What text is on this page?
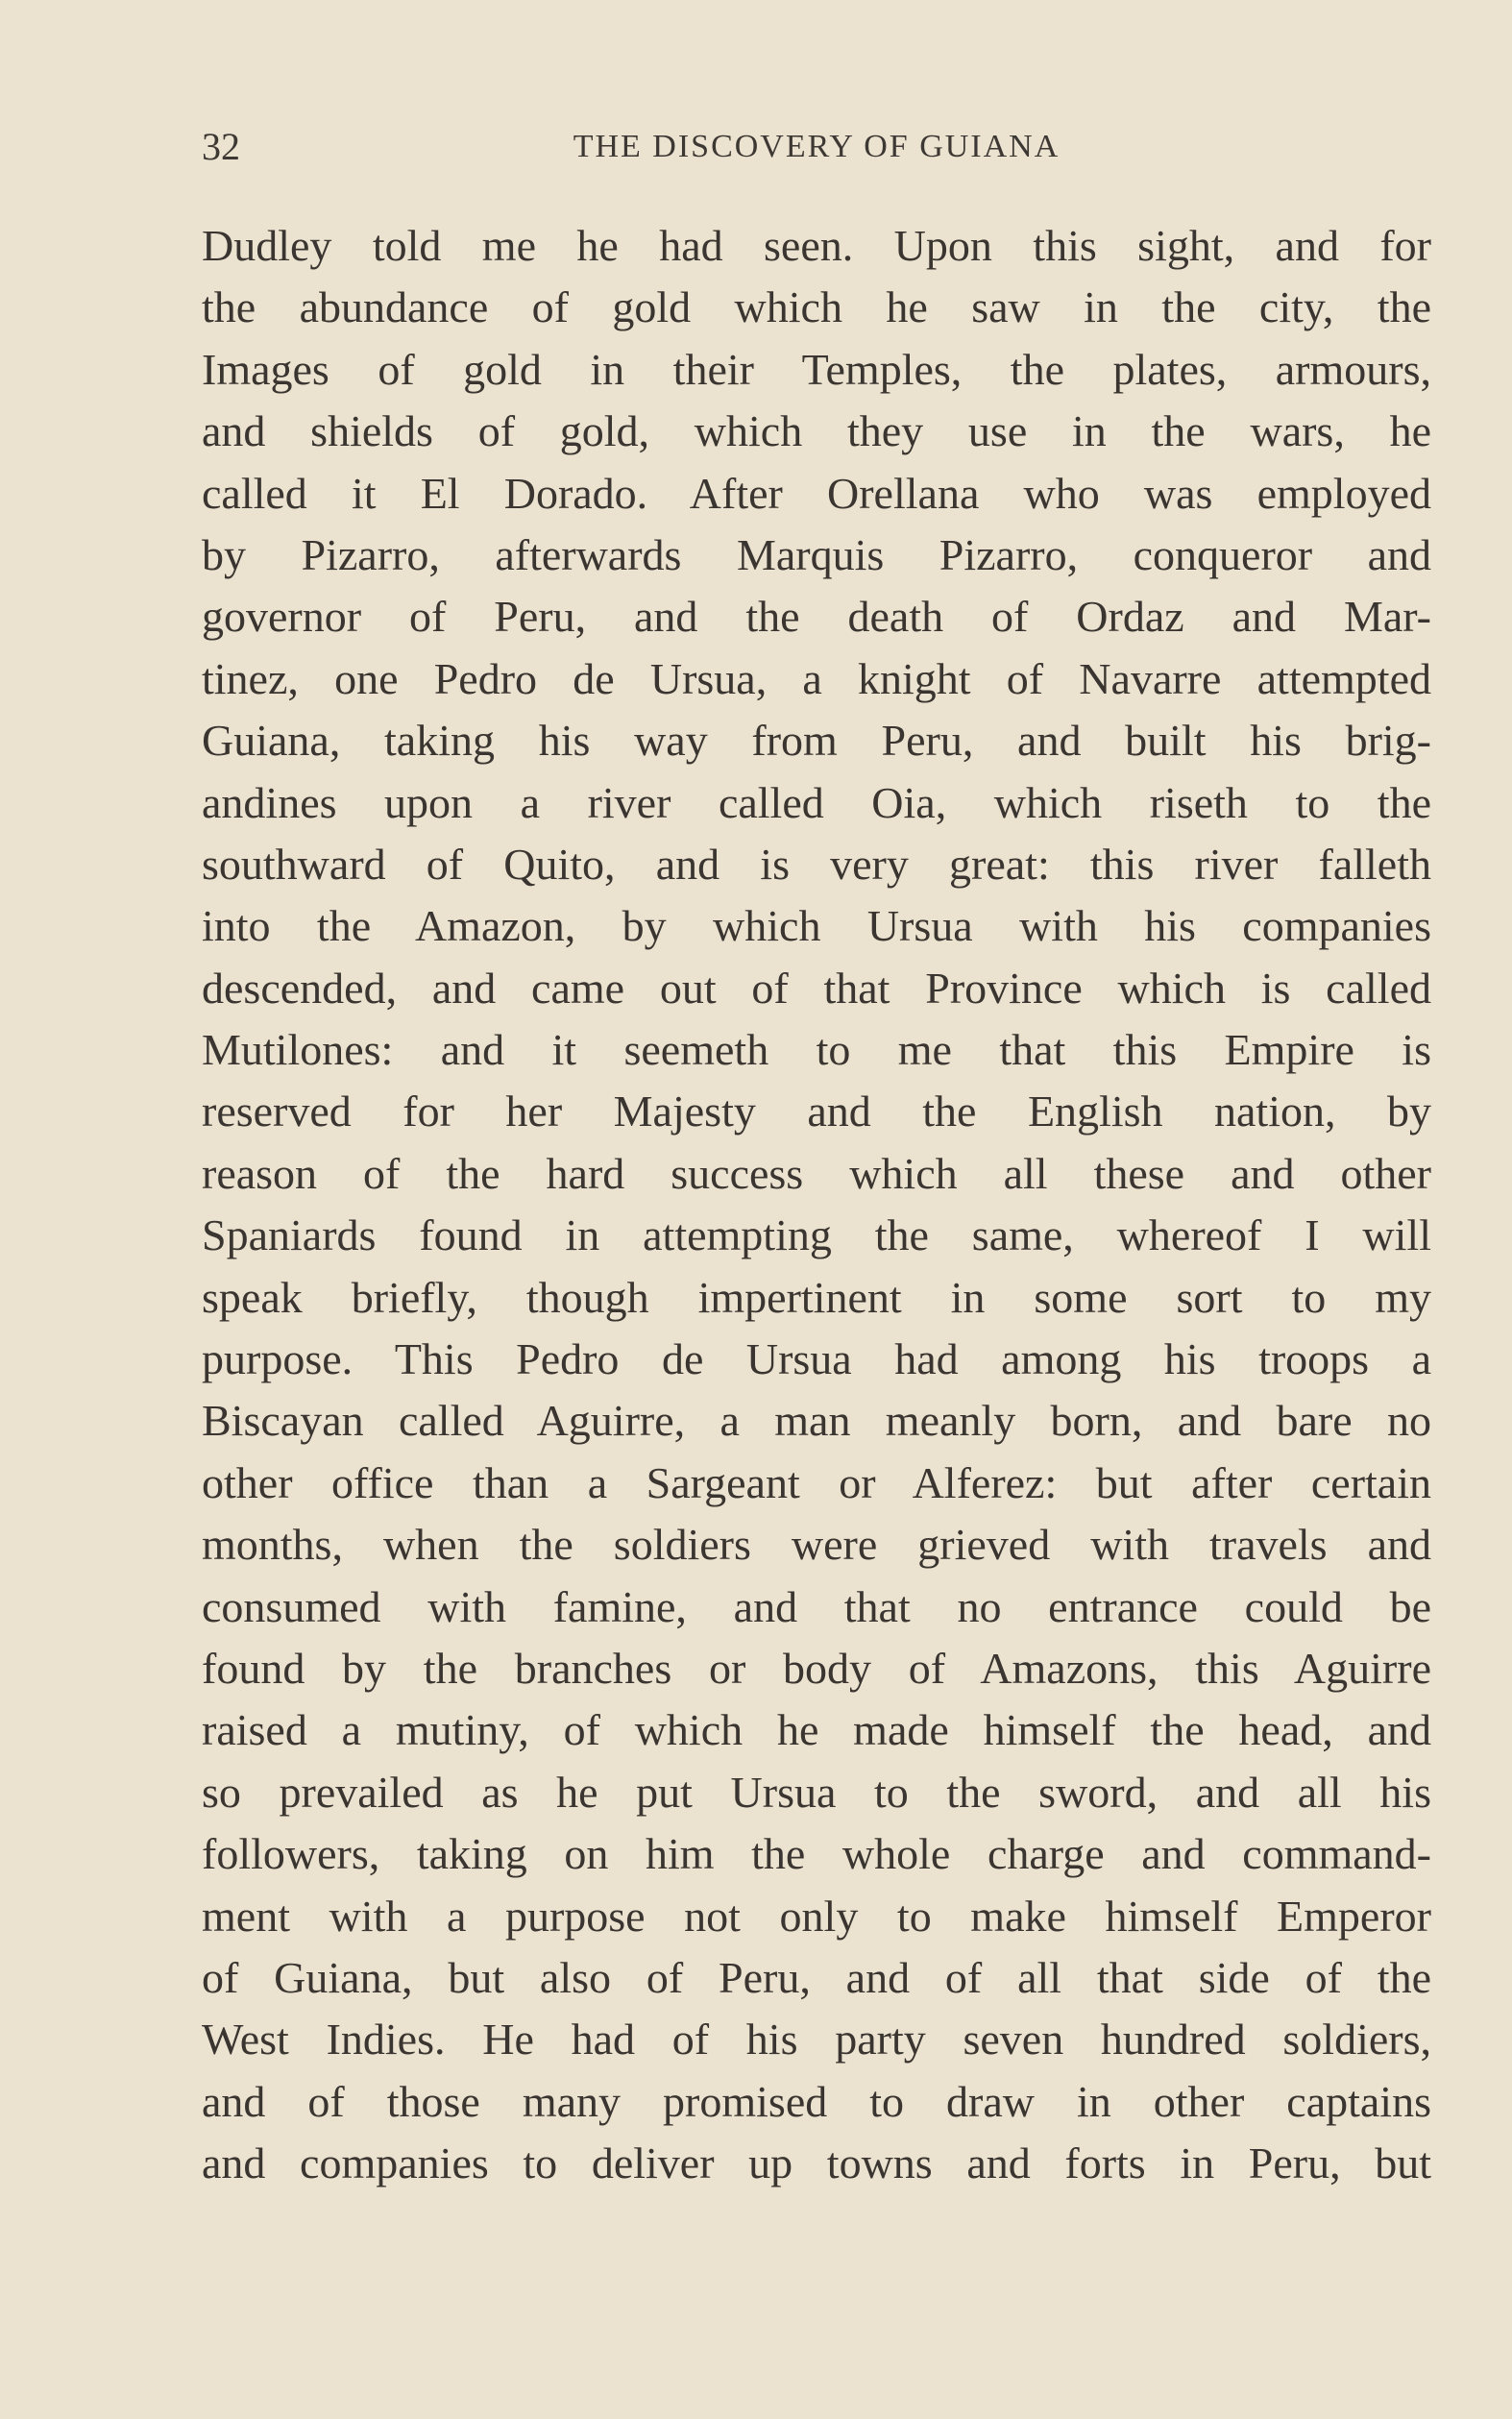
32	THE DISCOVERY OF GUIANA
Dudley told me he had seen. Upon this sight, and for
the abundance of gold which he saw in the city, the
Images of gold in their Temples, the plates, armours,
and shields of gold, which they use in the wars, he
called it El Dorado. After Orellana who was employed
by Pizarro, afterwards Marquis Pizarro, conqueror and
governor of Peru, and the death of Ordaz and Mar-
tinez, one Pedro de Ursua, a knight of Navarre attempted
Guiana, taking his way from Peru, and built his brig-
andines upon a river called Oia, which riseth to the
southward of Quito, and is very great: this river falleth
into the Amazon, by which Ursua with his companies
descended, and came out of that Province which is called
Mutilones: and it seemeth to me that this Empire is
reserved for her Majesty and the English nation, by
reason of the hard success which all these and other
Spaniards found in attempting the same, whereof I will
speak briefly, though impertinent in some sort to my
purpose. This Pedro de Ursua had among his troops a
Biscayan called Aguirre, a man meanly born, and bare no
other office than a Sargeant or Alferez: but after certain
months, when the soldiers were grieved with travels and
consumed with famine, and that no entrance could be
found by the branches or body of Amazons, this Aguirre
raised a mutiny, of which he made himself the head, and
so prevailed as he put Ursua to the sword, and all his
followers, taking on him the whole charge and command-
ment with a purpose not only to make himself Emperor
of Guiana, but also of Peru, and of all that side of the
West Indies. He had of his party seven hundred soldiers,
and of those many promised to draw in other captains
and companies to deliver up towns and forts in Peru, but
